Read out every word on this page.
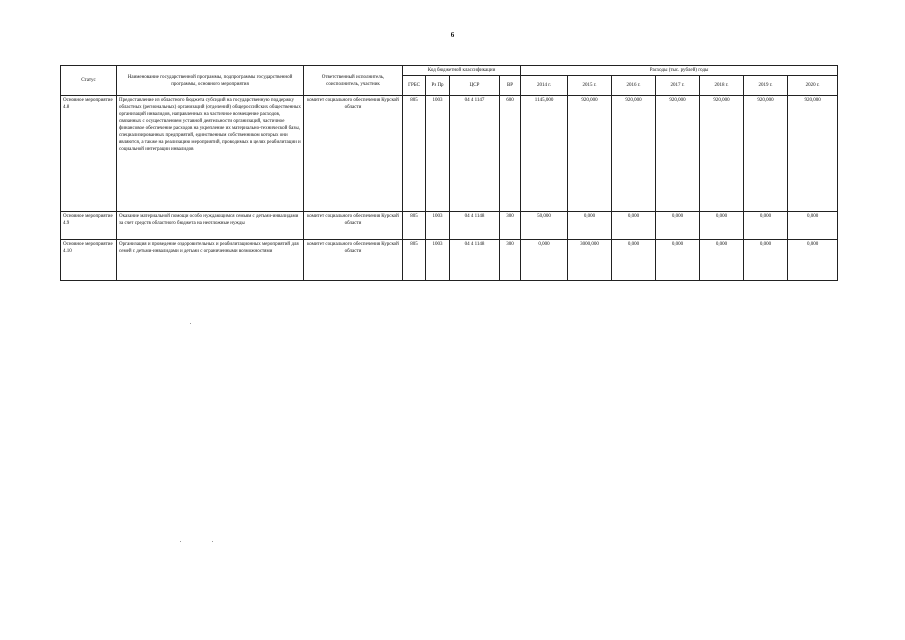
6
Статус	Наименование государственной программы, подпрограммы государственной программы, основного мероприятия	Ответственный исполнитель, соисполнитель, участник	Код бюджетной классификации				Расходы (тыс. рублей) годы						
			ГРБС	Рз Пр	ЦСР	ВР	2014 г.	2015 г.	2016 г.	2017 г.	2018 г.	2019 г.	2020 г.
Основное мероприятие 4.8	Предоставление из областного бюджета субсидий на государственную поддержку областных (региональных) организаций (отделений) общероссийских общественных организаций инвалидов, направленных на частичное возмещение расходов, связанных с осуществлением уставной деятельности организаций, частичное финансовое обеспечение расходов на укрепление их материально-технической базы, специализированных предприятий, единственным собственником которых они являются, а также на реализацию мероприятий, проводимых в целях реабилитации и социальной интеграции инвалидов	комитет социального обеспечения Курской области	805	1003	04 4 1147	600	1145,000	920,000	920,000	920,000	920,000	920,000	920,000
Основное мероприятие 4.9	Оказание материальной помощи особо нуждающимся семьям с детьми-инвалидами за счет средств областного бюджета на неотложные нужды	комитет социального обеспечения Курской области	805	1003	04 4 1148	300	50,000	0,000	0,000	0,000	0,000	0,000	0,000
Основное мероприятие 4.10	Организация и проведение оздоровительных и реабилитационных мероприятий для семей с детьми-инвалидами и детьми с ограниченными возможностями	комитет социального обеспечения Курской области	805	1003	04 4 1148	300	0,000	3000,000	0,000	0,000	0,000	0,000	0,000
